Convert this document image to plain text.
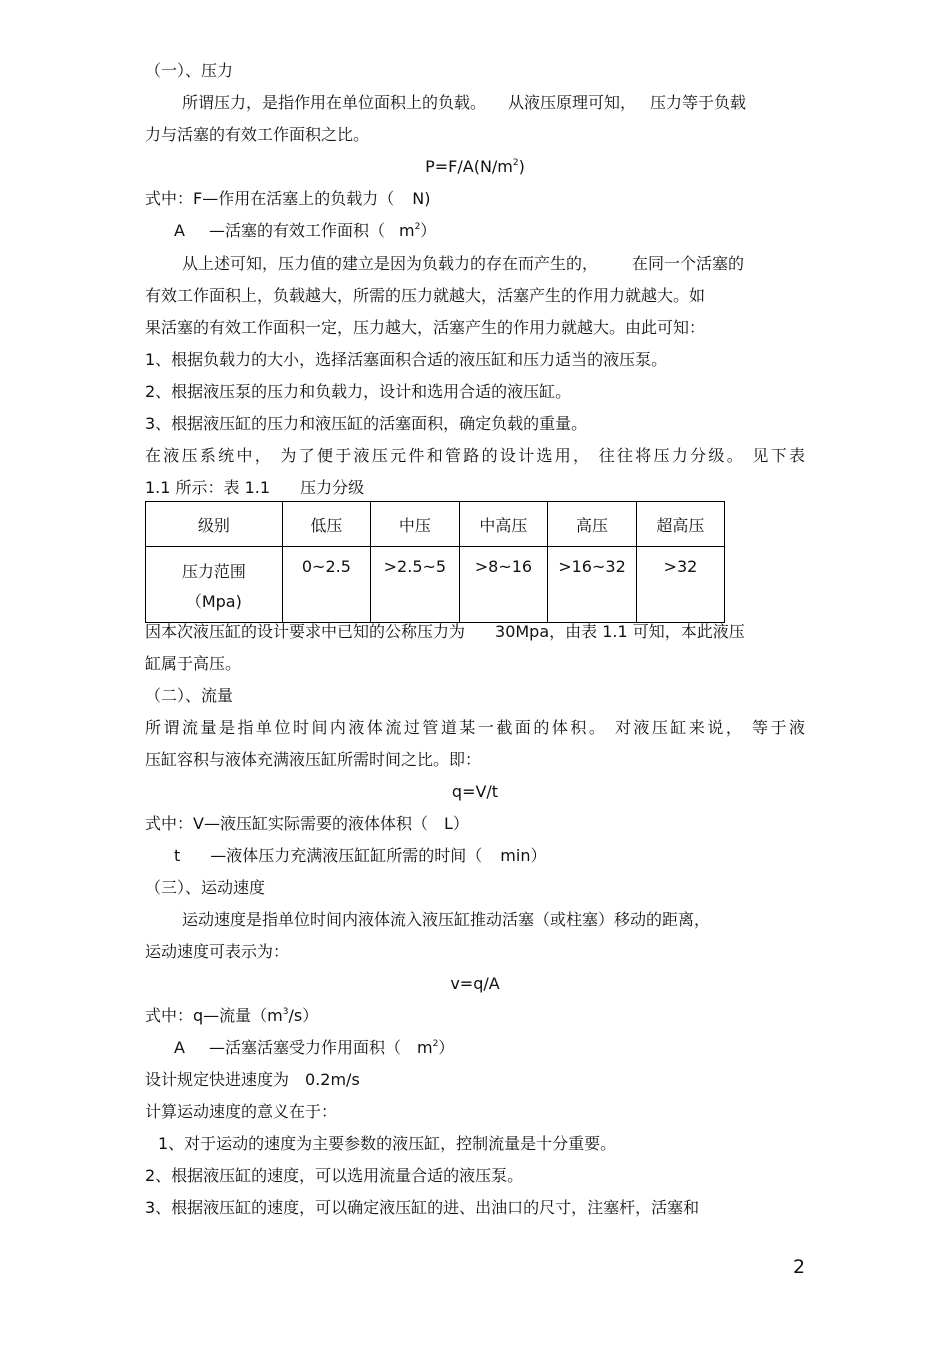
（一）、压力
所谓压力，是指作用在单位面积上的负载。 从液压原理可知， 压力等于负载
力与活塞的有效工作面积之比。
$P=F/A(N/m^2)$
式中：F—作用在活塞上的负载力（ N)
A —活塞的有效工作面积（ $m^2$）
从上述可知，压力值的建立是因为负载力的存在而产生的， 在同一个活塞的
有效工作面积上，负载越大，所需的压力就越大，活塞产生的作用力就越大。如
果活塞的有效工作面积一定，压力越大，活塞产生的作用力就越大。由此可知：
1、根据负载力的大小，选择活塞面积合适的液压缸和压力适当的液压泵。
2、根据液压泵的压力和负载力，设计和选用合适的液压缸。
3、根据液压缸的压力和液压缸的活塞面积，确定负载的重量。
在液压系统中， 为了便于液压元件和管路的设计选用， 往往将压力分级。 见下表
1.1 所示：表 1.1 压力分级
级别	低压	中压	中高压	高压	超高压

压力范围
（Mpa)	0~2.5	>2.5~5	>8~16	>16~32	>32
因本次液压缸的设计要求中已知的公称压力为 30Mpa，由表 1.1 可知，本此液压
缸属于高压。
（二）、流量
所谓流量是指单位时间内液体流过管道某一截面的体积。 对液压缸来说， 等于液
压缸容积与液体充满液压缸所需时间之比。即：
q=V/t
式中：V—液压缸实际需要的液体体积（ L）
t —液体压力充满液压缸缸所需的时间（ min）
（三）、运动速度
运动速度是指单位时间内液体流入液压缸推动活塞（或柱塞）移动的距离，
运动速度可表示为：
v=q/A
式中：q—流量$(m^3/s)$
A —活塞活塞受力作用面积（ $m^2$）
设计规定快进速度为 0.2m/s
计算运动速度的意义在于：
1、对于运动的速度为主要参数的液压缸，控制流量是十分重要。
2、根据液压缸的速度，可以选用流量合适的液压泵。
3、根据液压缸的速度，可以确定液压缸的进、出油口的尺寸，注塞杆，活塞和
2
